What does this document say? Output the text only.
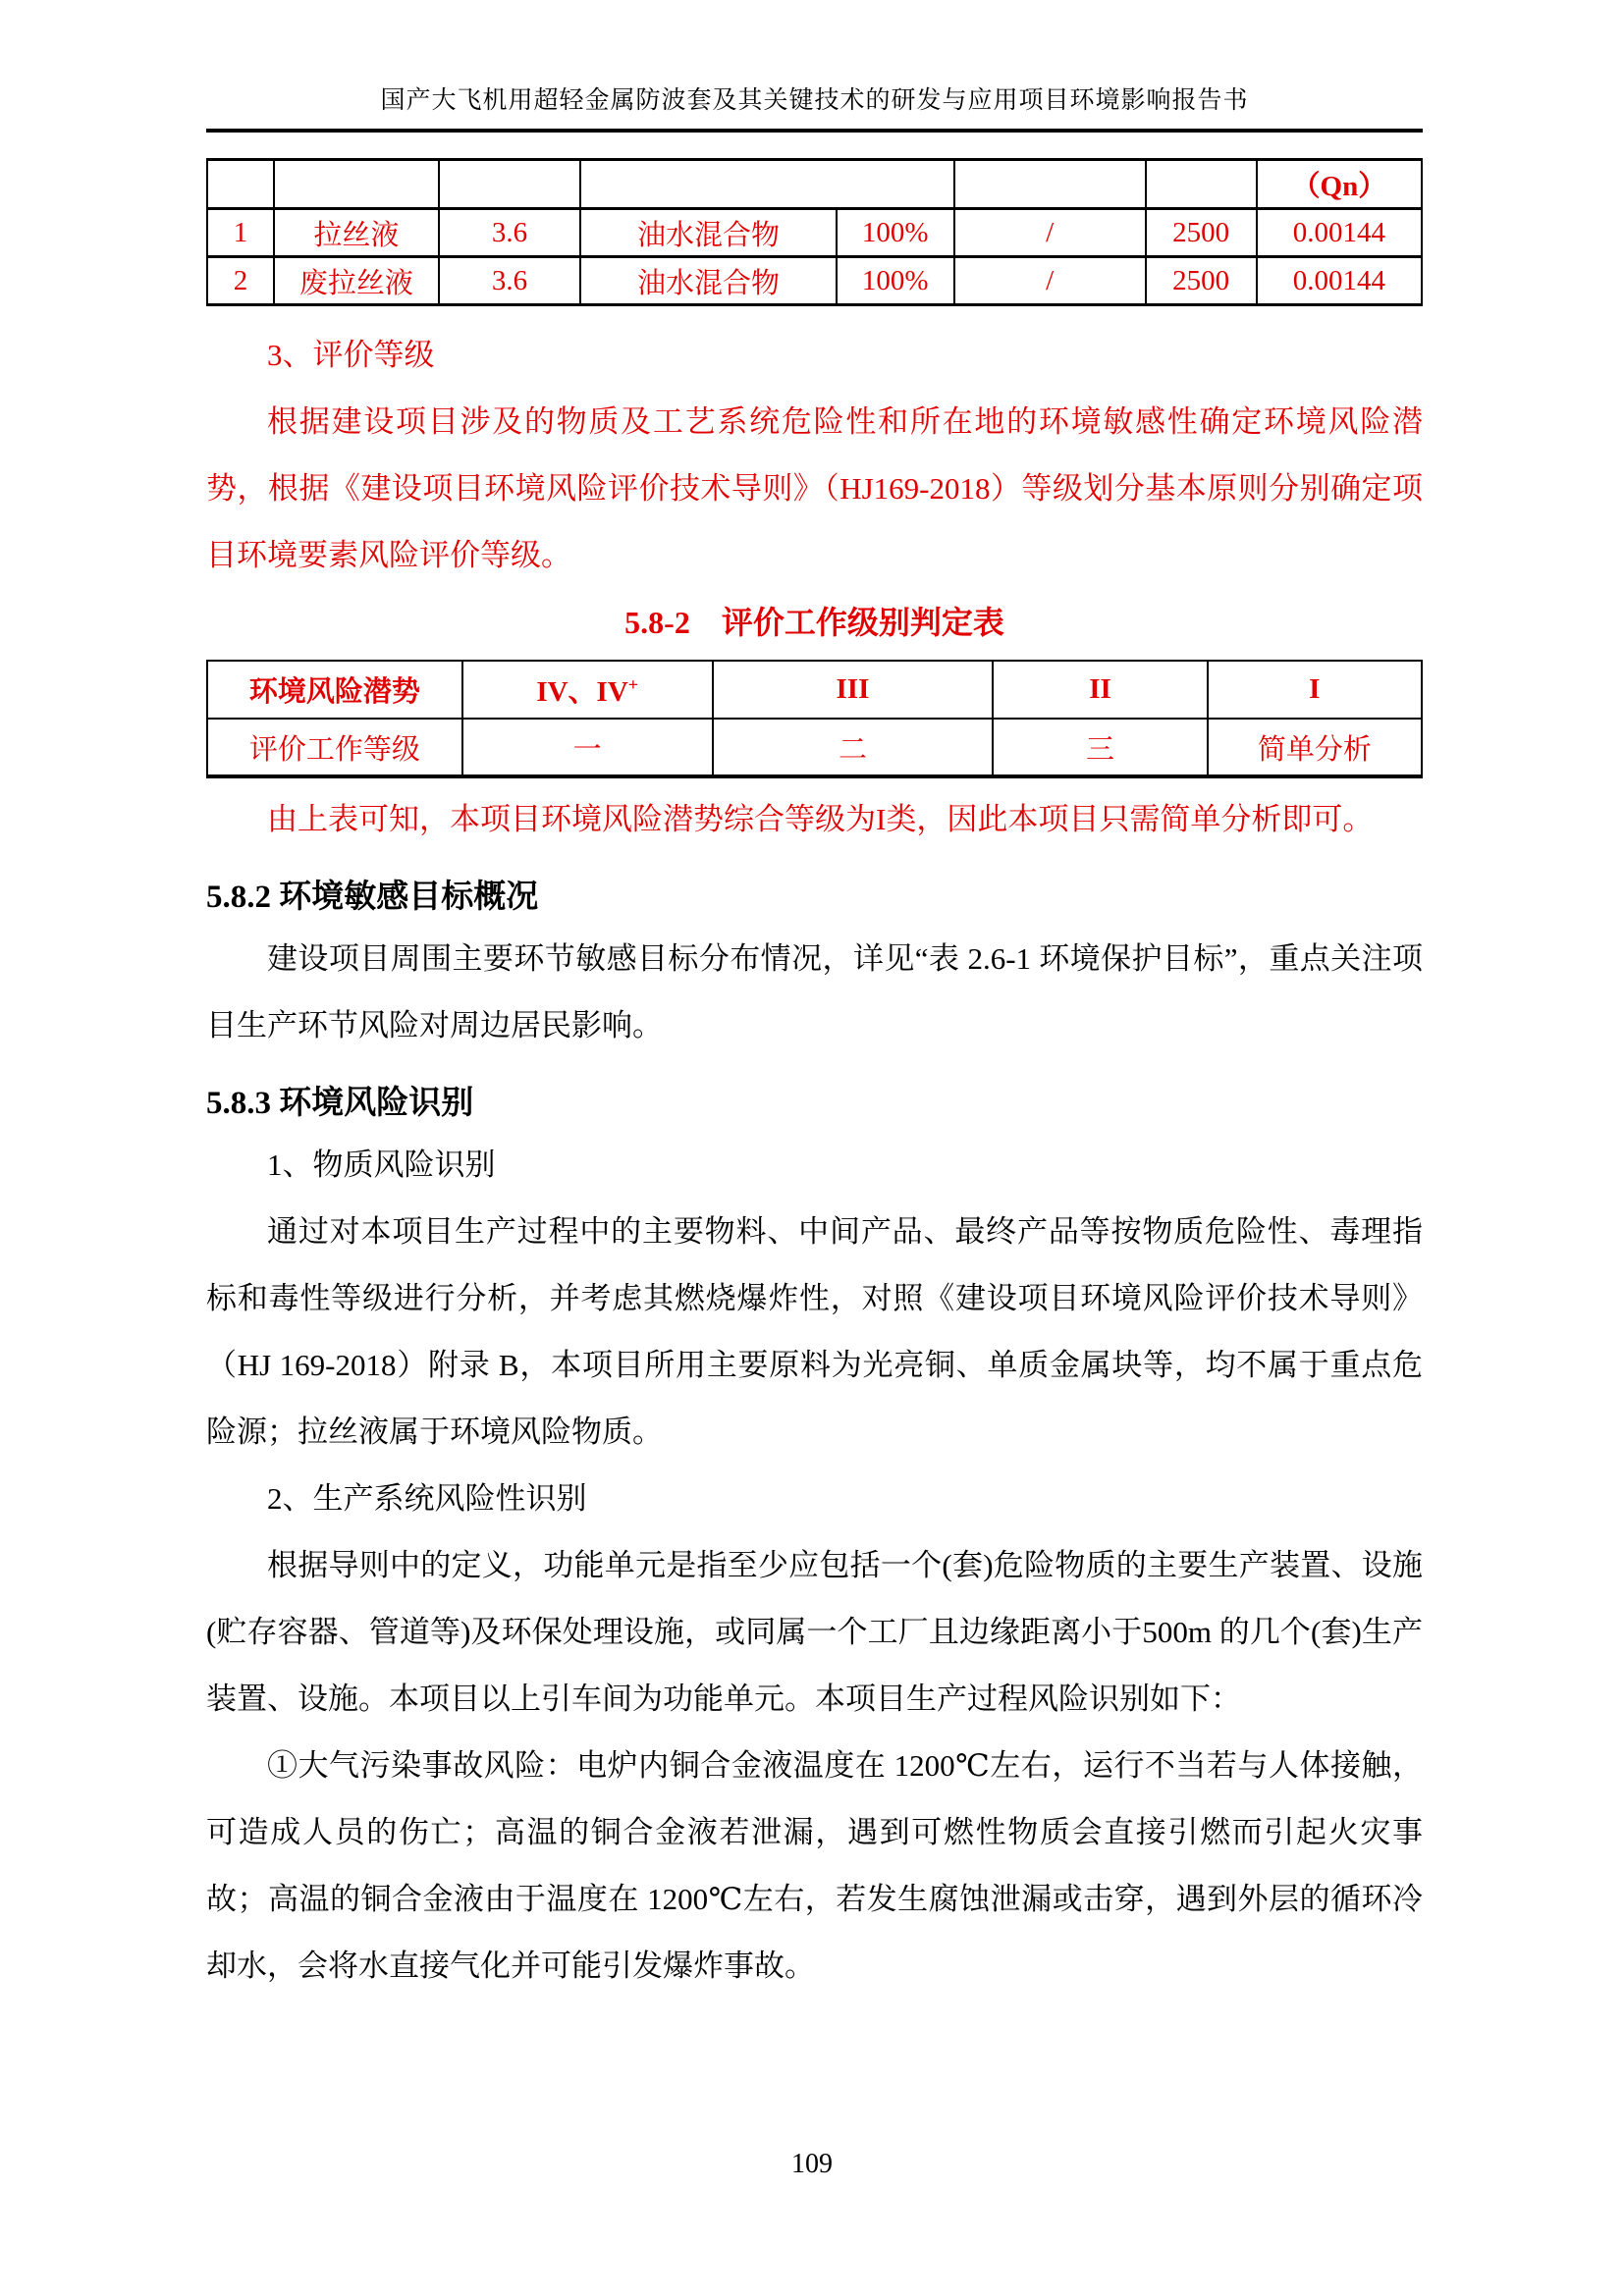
国产大飞机用超轻金属防波套及其关键技术的研发与应用项目环境影响报告书
							（Qn）
1	拉丝液	3.6	油水混合物	100%	/	2500	0.00144
2	废拉丝液	3.6	油水混合物	100%	/	2500	0.00144

3、评价等级

根据建设项目涉及的物质及工艺系统危险性和所在地的环境敏感性确定环境风险潜势，根据《建设项目环境风险评价技术导则》（HJ169-2018）等级划分基本原则分别确定项目环境要素风险评价等级。

5.8-2　评价工作级别判定表
环境风险潜势	IV、IV+	III	II	I
评价工作等级	一	二	三	简单分析

由上表可知，本项目环境风险潜势综合等级为I类，因此本项目只需简单分析即可。

5.8.2 环境敏感目标概况

建设项目周围主要环节敏感目标分布情况，详见“表 2.6-1 环境保护目标”，重点关注项目生产环节风险对周边居民影响。

5.8.3 环境风险识别

1、物质风险识别

通过对本项目生产过程中的主要物料、中间产品、最终产品等按物质危险性、毒理指标和毒性等级进行分析，并考虑其燃烧爆炸性，对照《建设项目环境风险评价技术导则》（HJ 169-2018）附录 B，本项目所用主要原料为光亮铜、单质金属块等，均不属于重点危险源；拉丝液属于环境风险物质。

2、生产系统风险性识别

根据导则中的定义，功能单元是指至少应包括一个(套)危险物质的主要生产装置、设施(贮存容器、管道等)及环保处理设施，或同属一个工厂且边缘距离小于500m 的几个(套)生产装置、设施。本项目以上引车间为功能单元。本项目生产过程风险识别如下：

①大气污染事故风险：电炉内铜合金液温度在 1200℃左右，运行不当若与人体接触，可造成人员的伤亡；高温的铜合金液若泄漏，遇到可燃性物质会直接引燃而引起火灾事故；高温的铜合金液由于温度在 1200℃左右，若发生腐蚀泄漏或击穿，遇到外层的循环冷却水，会将水直接气化并可能引发爆炸事故。

109
